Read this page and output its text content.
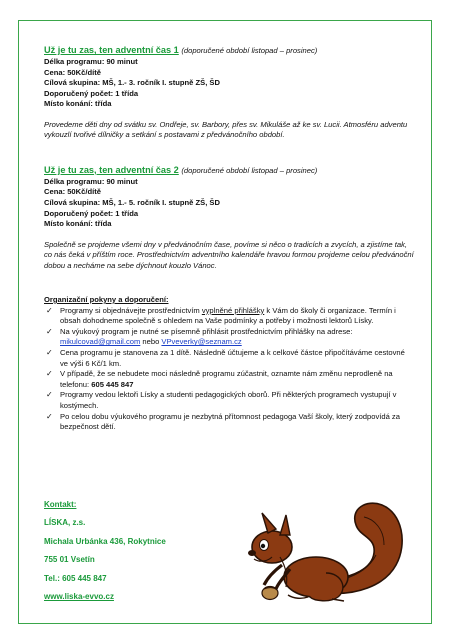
Už je tu zas, ten adventní čas 1 (doporučené období listopad – prosinec)
Délka programu: 90 minut
Cena: 50Kč/dítě
Cílová skupina: MŠ, 1.- 3. ročník I. stupně ZŠ, ŠD
Doporučený počet: 1 třída
Místo konání: třída
Provedeme děti dny od svátku sv. Ondřeje, sv. Barbory, přes sv. Mikuláše až ke sv. Lucii. Atmosféru adventu vykouzlí tvořivé dílničky a setkání s postavami z předvánočního období.
Už je tu zas, ten adventní čas 2 (doporučené období listopad – prosinec)
Délka programu: 90 minut
Cena: 50Kč/dítě
Cílová skupina: MŠ, 1.- 5. ročník I. stupně ZŠ, ŠD
Doporučený počet: 1 třída
Místo konání: třída
Společně se projdeme všemi dny v předvánočním čase, povíme si něco o tradicích a zvycích, a zjistíme tak, co nás čeká v příštím roce. Prostřednictvím adventního kalendáře hravou formou projdeme celou předvánoční dobou a necháme na sebe dýchnout kouzlo Vánoc.
Organizační pokyny a doporučení:
✓ Programy si objednávejte prostřednictvím vyplněné přihlášky k Vám do školy či organizace. Termín i obsah dohodneme společně s ohledem na Vaše podmínky a potřeby i možnosti lektorů Lísky.
✓ Na výukový program je nutné se písemně přihlásit prostřednictvím přihlášky na adrese: mikulcovad@gmail.com nebo VPveverky@seznam.cz
✓ Cena programu je stanovena za 1 dítě. Následně účtujeme a k celkové částce připočítáváme cestovné ve výši 6 Kč/1 km.
✓ V případě, že se nebudete moci následně programu zúčastnit, oznamte nám změnu neprodleně na telefonu: 605 445 847
✓ Programy vedou lektoři Lísky a studenti pedagogických oborů. Při některých programech vystupují v kostýmech.
✓ Po celou dobu výukového programu je nezbytná přítomnost pedagoga Vaší školy, který zodpovídá za bezpečnost dětí.
Kontakt:
LÍSKA, z.s.
Michala Urbánka 436, Rokytnice
755 01 Vsetín
Tel.: 605 445 847
www.liska-evvo.cz
